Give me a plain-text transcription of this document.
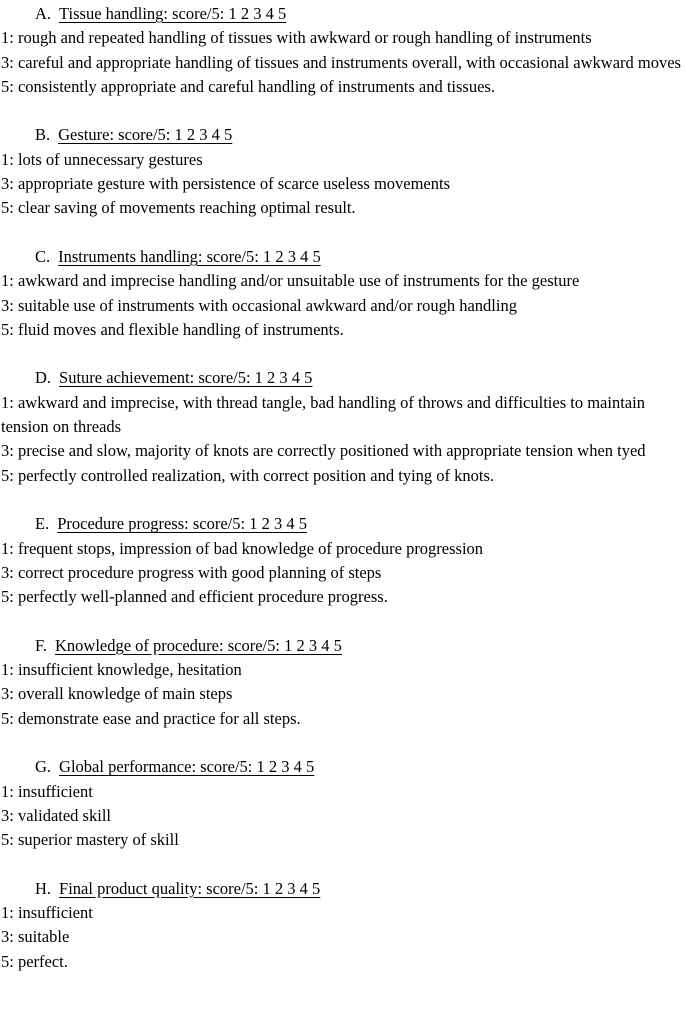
A. Tissue handling: score/5: 1 2 3 4 5

1: rough and repeated handling of tissues with awkward or rough handling of instruments

3: careful and appropriate handling of tissues and instruments overall, with occasional awkward moves

5: consistently appropriate and careful handling of instruments and tissues.

B. Gesture: score/5: 1 2 3 4 5

1: lots of unnecessary gestures

3: appropriate gesture with persistence of scarce useless movements

5: clear saving of movements reaching optimal result.

C. Instruments handling: score/5: 1 2 3 4 5

1: awkward and imprecise handling and/or unsuitable use of instruments for the gesture

3: suitable use of instruments with occasional awkward and/or rough handling

5: fluid moves and flexible handling of instruments.

D. Suture achievement: score/5: 1 2 3 4 5

1: awkward and imprecise, with thread tangle, bad handling of throws and difficulties to maintain tension on threads

3: precise and slow, majority of knots are correctly positioned with appropriate tension when tyed

5: perfectly controlled realization, with correct position and tying of knots.

E. Procedure progress: score/5: 1 2 3 4 5

1: frequent stops, impression of bad knowledge of procedure progression

3: correct procedure progress with good planning of steps

5: perfectly well-planned and efficient procedure progress.

F. Knowledge of procedure: score/5: 1 2 3 4 5

1: insufficient knowledge, hesitation

3: overall knowledge of main steps

5: demonstrate ease and practice for all steps.

G. Global performance: score/5: 1 2 3 4 5

1: insufficient

3: validated skill

5: superior mastery of skill

H. Final product quality: score/5: 1 2 3 4 5

1: insufficient

3: suitable

5: perfect.
